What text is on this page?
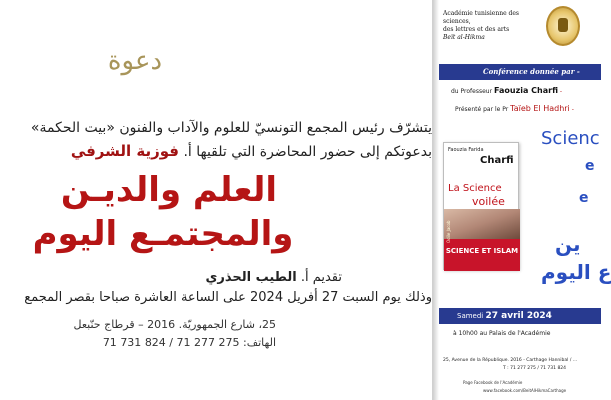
دعوة
يتشرّف رئيس المجمع التونسيّ للعلوم والآداب والفنون «بيت الحكمة»
بدعوتكم إلى حضور المحاضرة التي تلقيها أ. فوزية الشرفي
العلم والديـن
والمجتمـع اليوم
تقديم أ. الطيب الحذري
وذلك يوم السبت 27 أفريل 2024 على الساعة العاشرة صباحا بقصر المجمع
25، شارع الجمهوريّة. 2016 – قرطاج حنّبعل
الهاتف: 275 277 71 / 824 731 71
Académie tunisienne des sciences,
des lettres et des arts
Beït al-Hikma
Conférence donnée par -
du Professeur Faouzia Charfi -
Présenté par le Pr Taïeb El Hadhri -
Scienc
e
e
ين
ع اليوم
Faouzia Farida
Charfi
La Science
voilée
SCIENCE ET ISLAM
Odile Jacob
Samedi 27 avril 2024
à 10h00 au Palais de l'Académie
25, Avenue de la République. 2016 - Carthage Hannibal / ...
T : 71 277 275 / 71 731 824
Page Facebook de l'Académie
www.facebook.com/BeitAlHikmaCarthage
